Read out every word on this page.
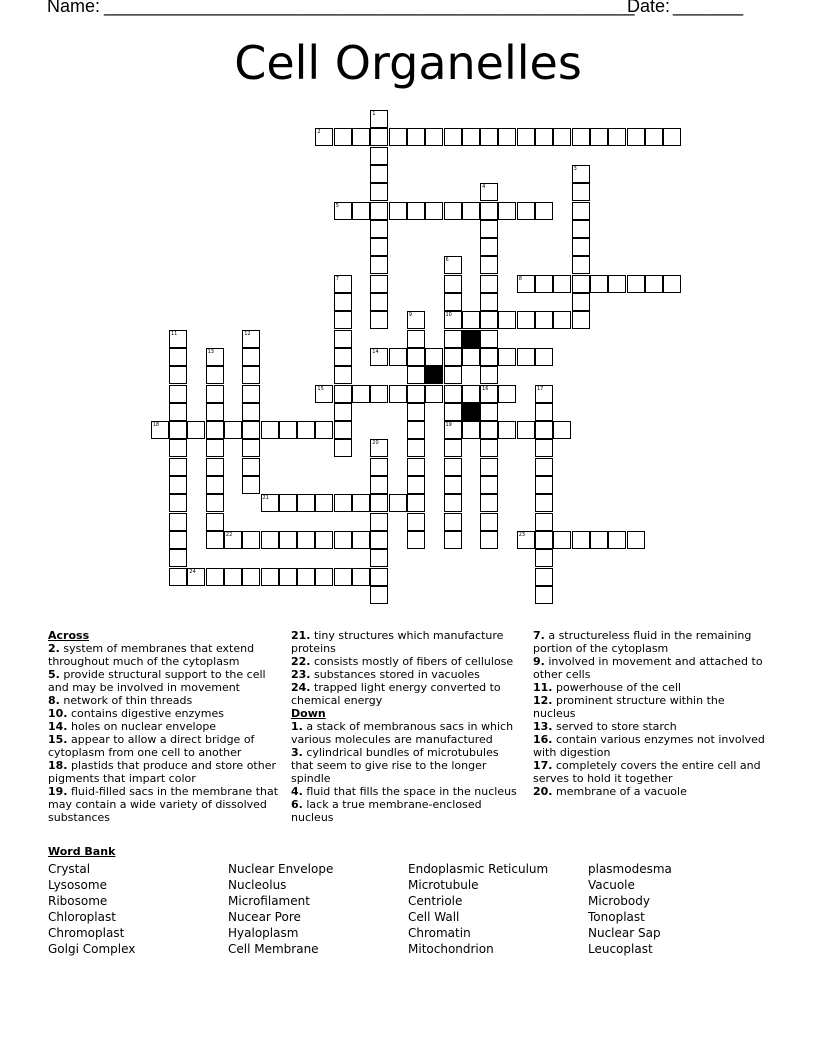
Name: _____________________________________________________
Date: _______
Cell Organelles
1
2
3
4
5
6
7	8
9	10
11	12
13	14
15	16	17
18	19
20
21
22	23
24
Across
2. system of membranes that extend throughout much of the cytoplasm
5. provide structural support to the cell and may be involved in movement
8. network of thin threads
10. contains digestive enzymes
14. holes on nuclear envelope
15. appear to allow a direct bridge of cytoplasm from one cell to another
18. plastids that produce and store other pigments that impart color
19. fluid-filled sacs in the membrane that may contain a wide variety of dissolved substances
21. tiny structures which manufacture proteins
22. consists mostly of fibers of cellulose
23. substances stored in vacuoles
24. trapped light energy converted to chemical energy
Down
1. a stack of membranous sacs in which various molecules are manufactured
3. cylindrical bundles of microtubules that seem to give rise to the longer spindle
4. fluid that fills the space in the nucleus
6. lack a true membrane-enclosed nucleus
7. a structureless fluid in the remaining portion of the cytoplasm
9. involved in movement and attached to other cells
11. powerhouse of the cell
12. prominent structure within the nucleus
13. served to store starch
16. contain various enzymes not involved with digestion
17. completely covers the entire cell and serves to hold it together
20. membrane of a vacuole
Word Bank
Crystal
Lysosome
Ribosome
Chloroplast
Chromoplast
Golgi Complex
Nuclear Envelope
Nucleolus
Microfilament
Nucear Pore
Hyaloplasm
Cell Membrane
Endoplasmic Reticulum
Microtubule
Centriole
Cell Wall
Chromatin
Mitochondrion
plasmodesma
Vacuole
Microbody
Tonoplast
Nuclear Sap
Leucoplast
